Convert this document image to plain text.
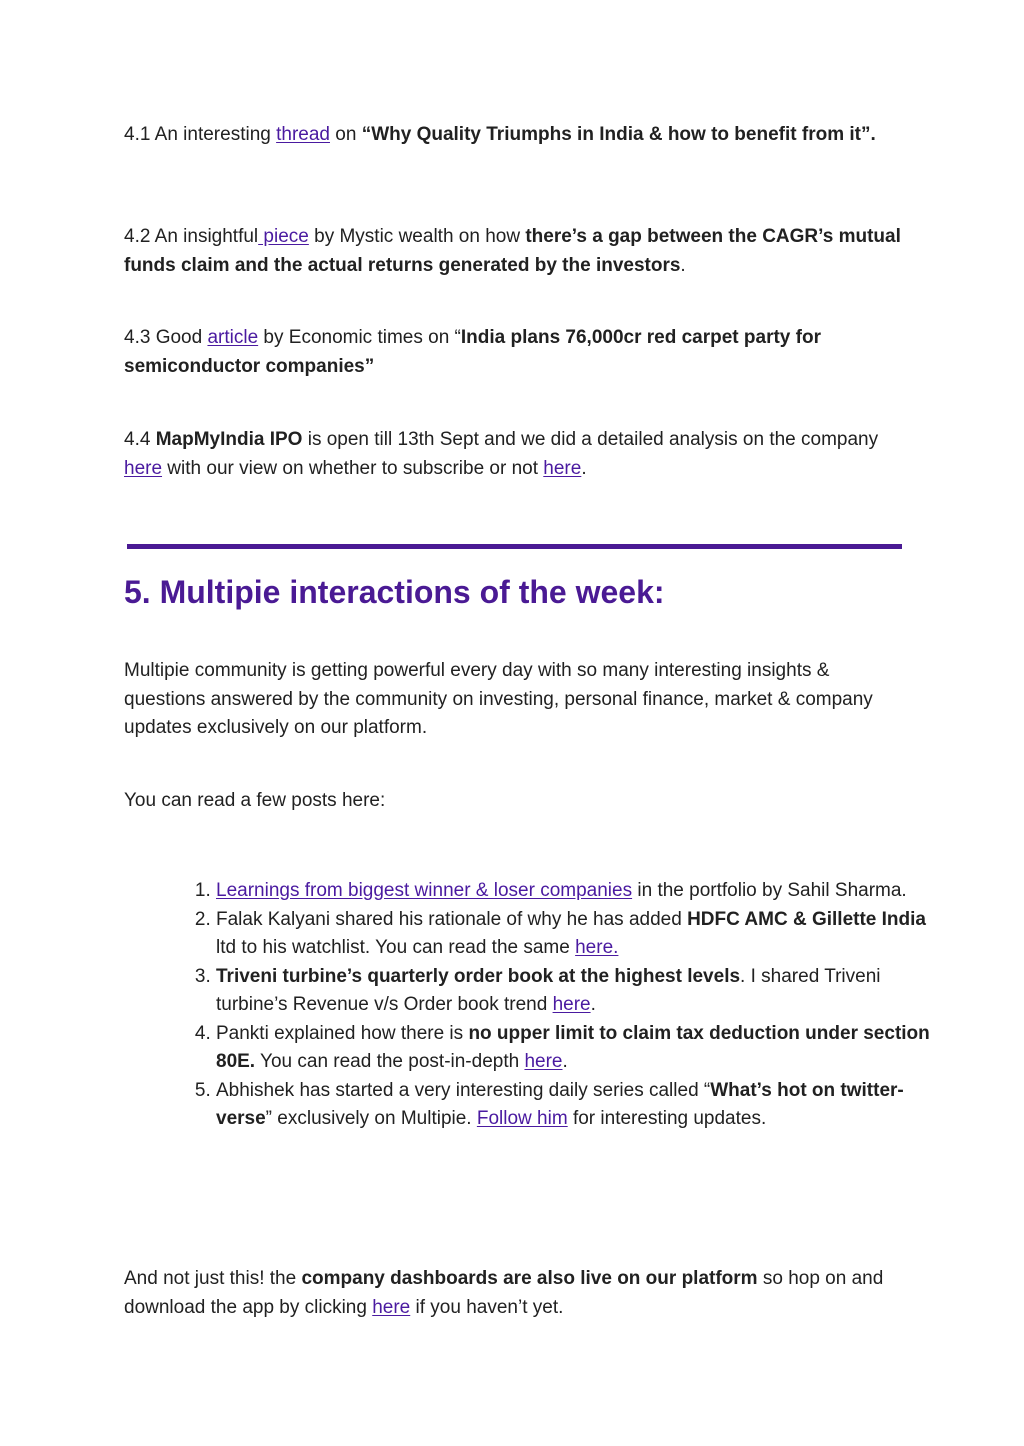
4.1 An interesting thread on “Why Quality Triumphs in India & how to benefit from it”.

4.2 An insightful piece by Mystic wealth on how there’s a gap between the CAGR’s mutual funds claim and the actual returns generated by the investors.

4.3 Good article by Economic times on “India plans 76,000cr red carpet party for semiconductor companies”

4.4 MapMyIndia IPO is open till 13th Sept and we did a detailed analysis on the company here with our view on whether to subscribe or not here.

5. Multipie interactions of the week:

Multipie community is getting powerful every day with so many interesting insights & questions answered by the community on investing, personal finance, market & company updates exclusively on our platform.

You can read a few posts here:

1. Learnings from biggest winner & loser companies in the portfolio by Sahil Sharma.
2. Falak Kalyani shared his rationale of why he has added HDFC AMC & Gillette India ltd to his watchlist. You can read the same here.
3. Triveni turbine’s quarterly order book at the highest levels. I shared Triveni turbine’s Revenue v/s Order book trend here.
4. Pankti explained how there is no upper limit to claim tax deduction under section 80E. You can read the post-in-depth here.
5. Abhishek has started a very interesting daily series called “What’s hot on twitter-verse” exclusively on Multipie. Follow him for interesting updates.

And not just this! the company dashboards are also live on our platform so hop on and download the app by clicking here if you haven’t yet.
